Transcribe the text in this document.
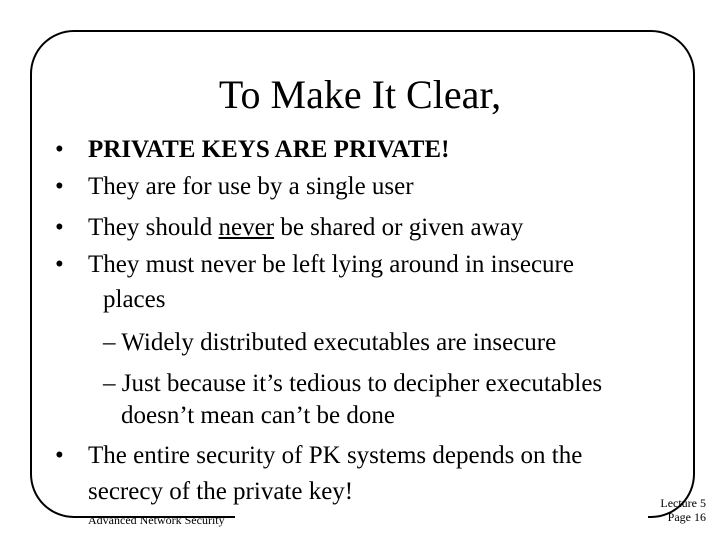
To Make It Clear,
• PRIVATE KEYS ARE PRIVATE!
• They are for use by a single user
• They should never be shared or given away
• They must never be left lying around in insecure
places
– Widely distributed executables are insecure
– Just because it’s tedious to decipher executables
doesn’t mean can’t be done
• The entire security of PK systems depends on the
secrecy of the private key!
Advanced Network Security
Lecture 5
Page 16
